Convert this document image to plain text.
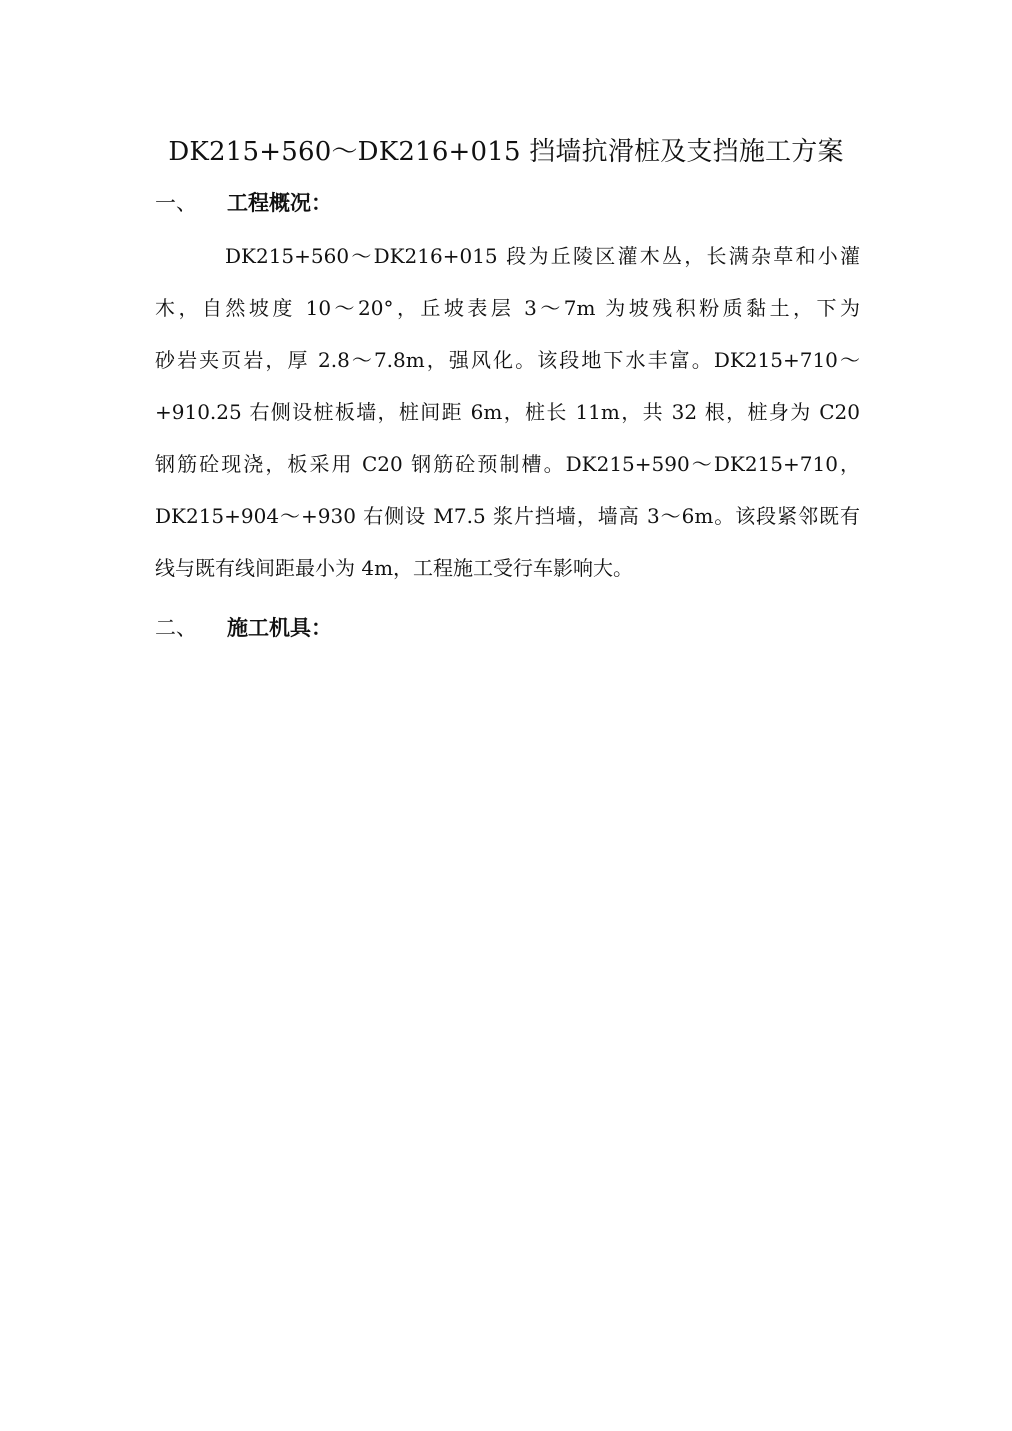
DK215+560～DK216+015 挡墙抗滑桩及支挡施工方案
一、 工程概况：
DK215+560～DK216+015 段为丘陵区灌木丛，长满杂草和小灌
木，自然坡度 10～20°，丘坡表层 3～7m 为坡残积粉质黏土，下为
砂岩夹页岩，厚 2.8～7.8m，强风化。该段地下水丰富。DK215+710～
+910.25 右侧设桩板墙，桩间距 6m，桩长 11m，共 32 根，桩身为 C20
钢筋砼现浇，板采用 C20 钢筋砼预制槽。DK215+590～DK215+710，
DK215+904～+930 右侧设 M7.5 浆片挡墙，墙高 3～6m。该段紧邻既有
线与既有线间距最小为 4m，工程施工受行车影响大。
二、 施工机具：
